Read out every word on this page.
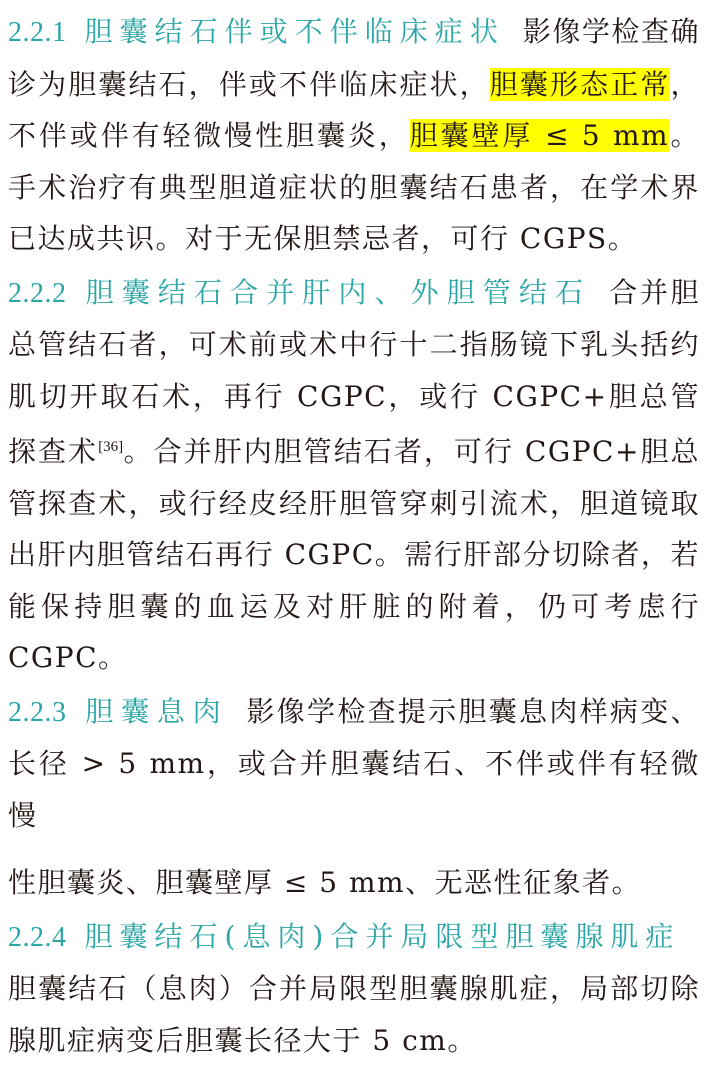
2.2.1 胆囊结石伴或不伴临床症状 影像学检查确诊为胆囊结石，伴或不伴临床症状，胆囊形态正常，不伴或伴有轻微慢性胆囊炎，胆囊壁厚 ≤ 5 mm。手术治疗有典型胆道症状的胆囊结石患者，在学术界已达成共识。对于无保胆禁忌者，可行 CGPS。

2.2.2 胆囊结石合并肝内、外胆管结石 合并胆总管结石者，可术前或术中行十二指肠镜下乳头括约肌切开取石术，再行 CGPC，或行 CGPC+胆总管探查术[36]。合并肝内胆管结石者，可行 CGPC+胆总管探查术，或行经皮经肝胆管穿刺引流术，胆道镜取出肝内胆管结石再行 CGPC。需行肝部分切除者，若能保持胆囊的血运及对肝脏的附着，仍可考虑行 CGPC。

2.2.3 胆囊息肉 影像学检查提示胆囊息肉样病变、长径 > 5 mm，或合并胆囊结石、不伴或伴有轻微慢
性胆囊炎、胆囊壁厚 ≤ 5 mm、无恶性征象者。

2.2.4 胆囊结石(息肉)合并局限型胆囊腺肌症
胆囊结石（息肉）合并局限型胆囊腺肌症，局部切除腺肌症病变后胆囊长径大于 5 cm。
